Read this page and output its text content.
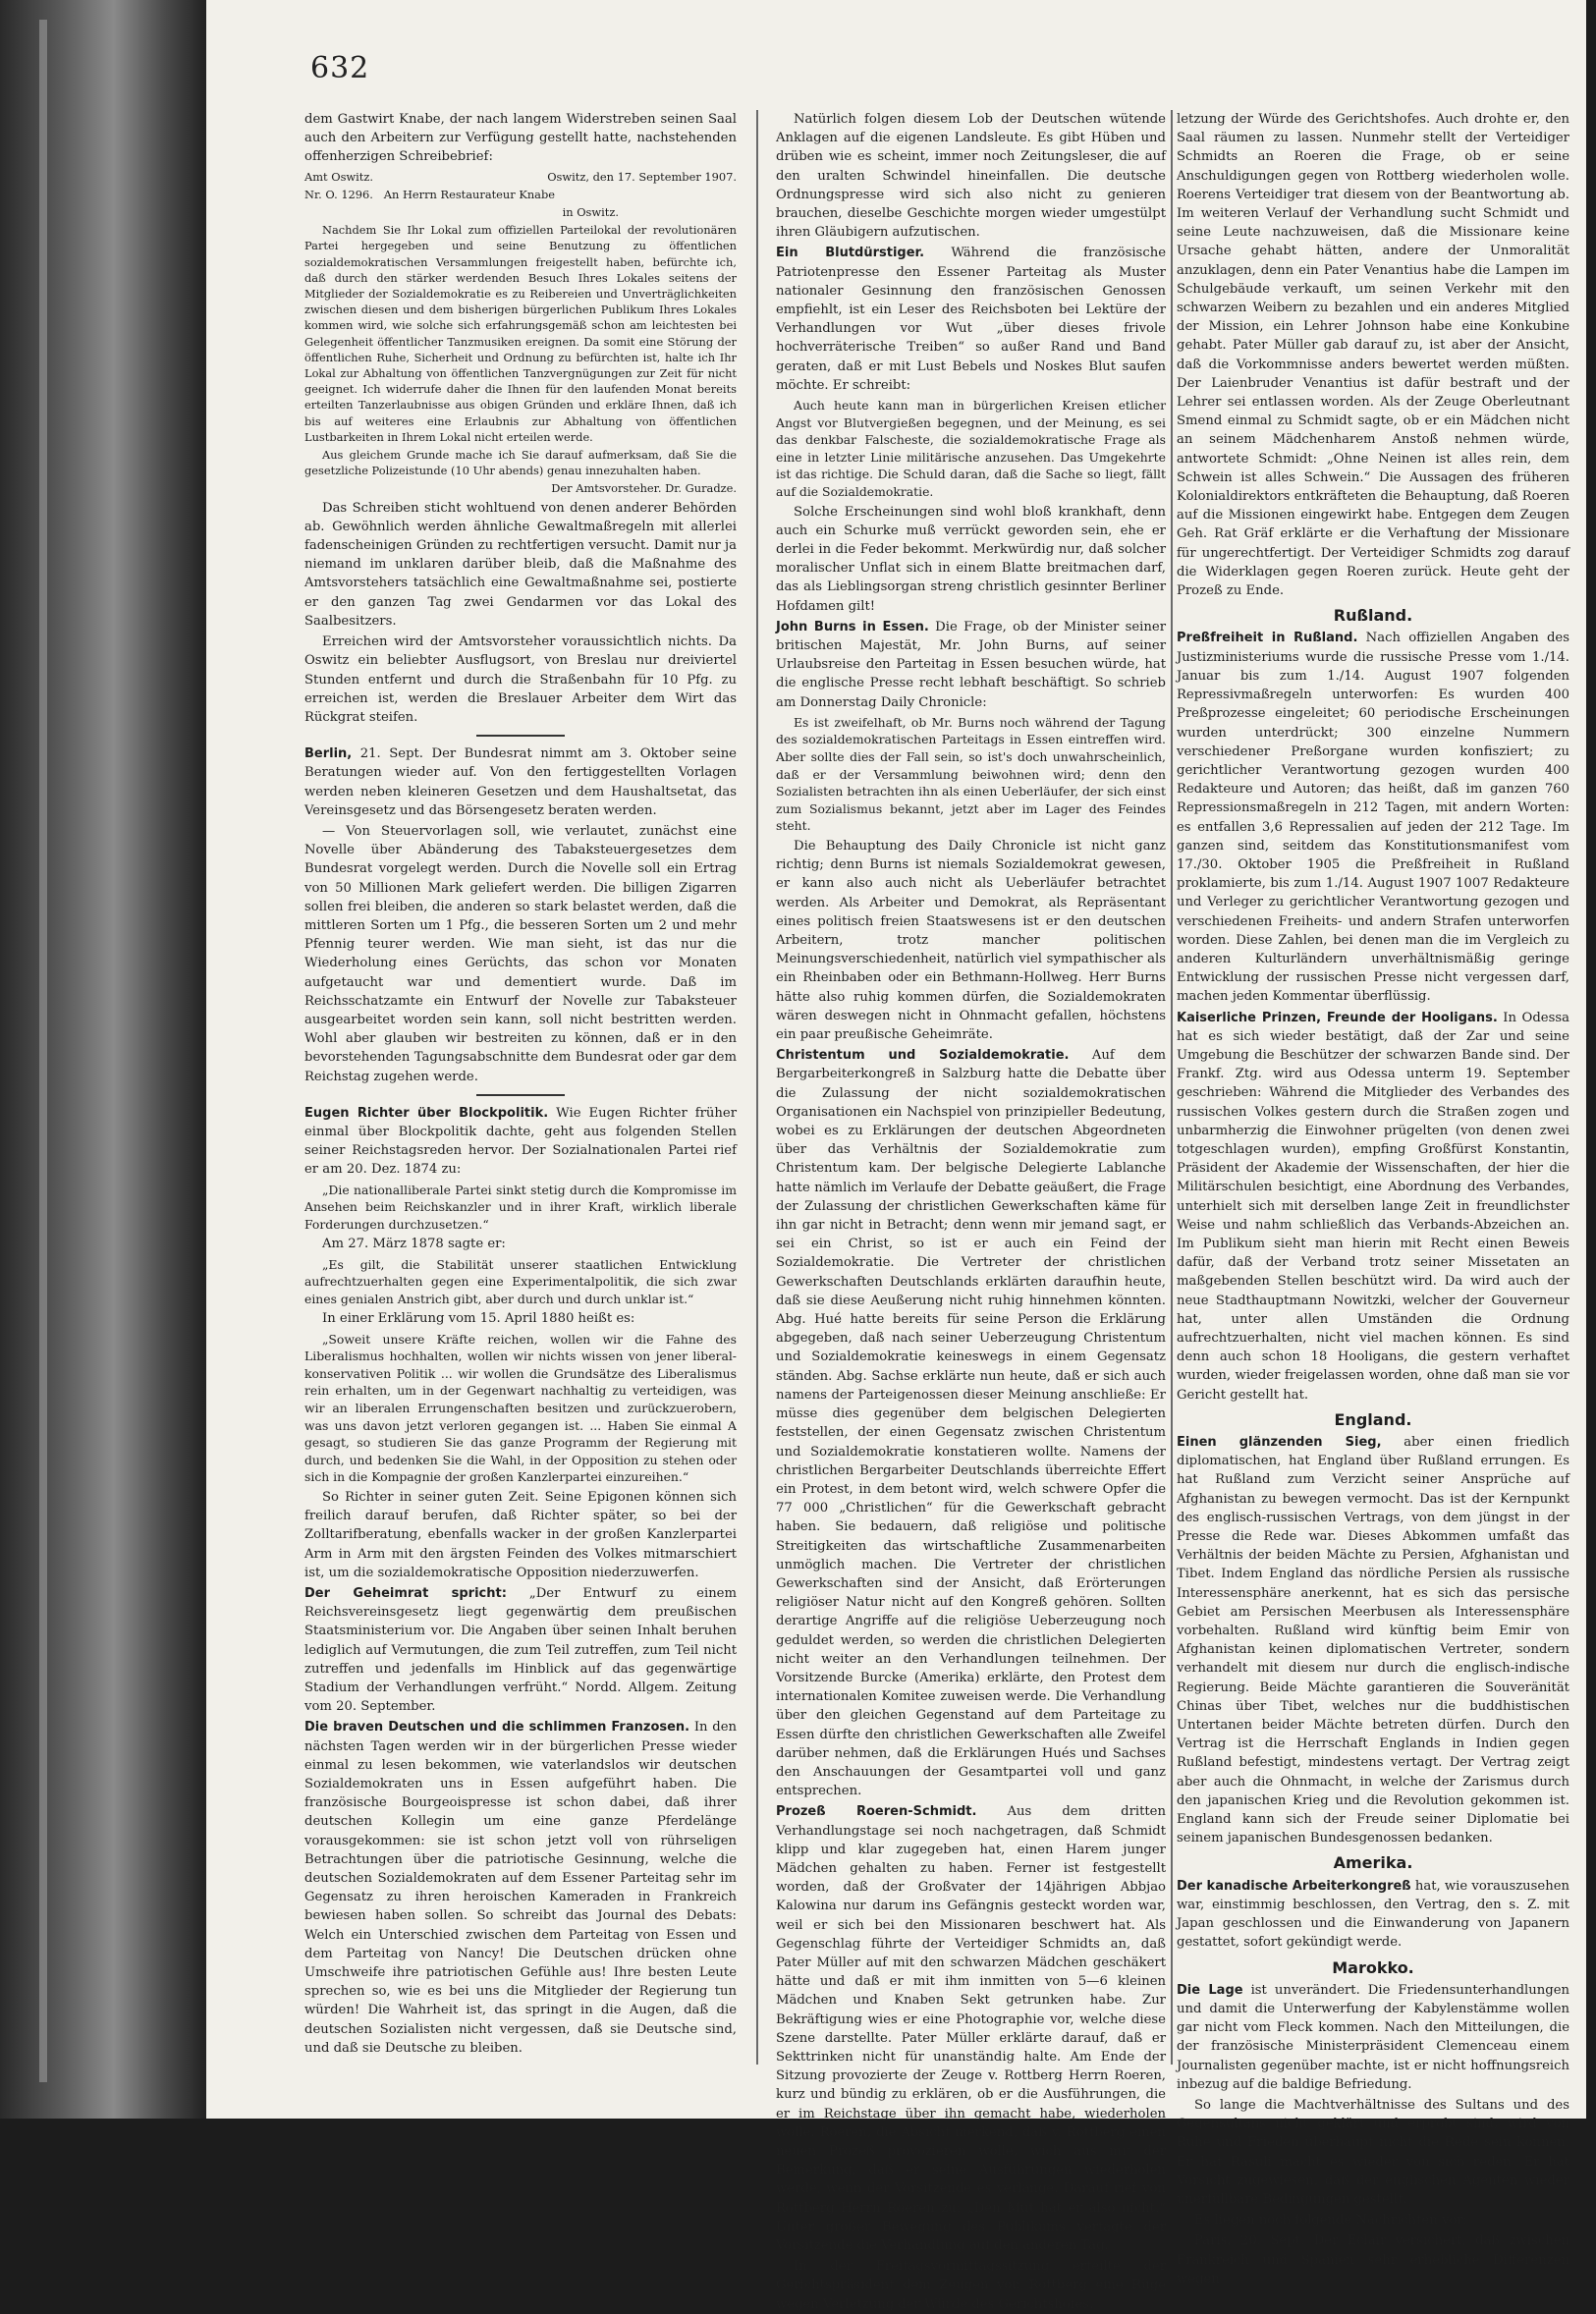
632

dem Gastwirt Knabe, der nach langem Widerstreben seinen Saal auch den Arbeitern zur Verfügung gestellt hatte, nachstehenden offenherzigen Schreibebrief:

Amt Oswitz.	Oswitz, den 17. September 1907.

Nr. O. 1296. An Herrn Restaurateur Knabe

in Oswitz.

Nachdem Sie Ihr Lokal zum offiziellen Parteilokal der revolutionären Partei hergegeben und seine Benutzung zu öffentlichen sozialdemokratischen Versammlungen freigestellt haben, befürchte ich, daß durch den stärker werdenden Besuch Ihres Lokales seitens der Mitglieder der Sozialdemokratie es zu Reibereien und Unverträglichkeiten zwischen diesen und dem bisherigen bürgerlichen Publikum Ihres Lokales kommen wird, wie solche sich erfahrungsgemäß schon am leichtesten bei Gelegenheit öffentlicher Tanzmusiken ereignen. Da somit eine Störung der öffentlichen Ruhe, Sicherheit und Ordnung zu befürchten ist, halte ich Ihr Lokal zur Abhaltung von öffentlichen Tanzvergnügungen zur Zeit für nicht geeignet. Ich widerrufe daher die Ihnen für den laufenden Monat bereits erteilten Tanzerlaubnisse aus obigen Gründen und erkläre Ihnen, daß ich bis auf weiteres eine Erlaubnis zur Abhaltung von öffentlichen Lustbarkeiten in Ihrem Lokal nicht erteilen werde.

Aus gleichem Grunde mache ich Sie darauf aufmerksam, daß Sie die gesetzliche Polizeistunde (10 Uhr abends) genau innezuhalten haben.

Der Amtsvorsteher. Dr. Guradze.

Das Schreiben sticht wohltuend von denen anderer Behörden ab. Gewöhnlich werden ähnliche Gewaltmaßregeln mit allerlei fadenscheinigen Gründen zu rechtfertigen versucht. Damit nur ja niemand im unklaren darüber bleib, daß die Maßnahme des Amtsvorstehers tatsächlich eine Gewaltmaßnahme sei, postierte er den ganzen Tag zwei Gendarmen vor das Lokal des Saalbesitzers.

Erreichen wird der Amtsvorsteher voraussichtlich nichts. Da Oswitz ein beliebter Ausflugsort, von Breslau nur dreiviertel Stunden entfernt und durch die Straßenbahn für 10 Pfg. zu erreichen ist, werden die Breslauer Arbeiter dem Wirt das Rückgrat steifen.

Berlin, 21. Sept. Der Bundesrat nimmt am 3. Oktober seine Beratungen wieder auf. Von den fertiggestellten Vorlagen werden neben kleineren Gesetzen und dem Haushaltsetat, das Vereinsgesetz und das Börsengesetz beraten werden.

— Von Steuervorlagen soll, wie verlautet, zunächst eine Novelle über Abänderung des Tabaksteuergesetzes dem Bundesrat vorgelegt werden. Durch die Novelle soll ein Ertrag von 50 Millionen Mark geliefert werden. Die billigen Zigarren sollen frei bleiben, die anderen so stark belastet werden, daß die mittleren Sorten um 1 Pfg., die besseren Sorten um 2 und mehr Pfennig teurer werden. Wie man sieht, ist das nur die Wiederholung eines Gerüchts, das schon vor Monaten aufgetaucht war und dementiert wurde. Daß im Reichsschatzamte ein Entwurf der Novelle zur Tabaksteuer ausgearbeitet worden sein kann, soll nicht bestritten werden. Wohl aber glauben wir bestreiten zu können, daß er in den bevorstehenden Tagungsabschnitte dem Bundesrat oder gar dem Reichstag zugehen werde.

Eugen Richter über Blockpolitik. Wie Eugen Richter früher einmal über Blockpolitik dachte, geht aus folgenden Stellen seiner Reichstagsreden hervor. Der Sozialnationalen Partei rief er am 20. Dez. 1874 zu:

„Die nationalliberale Partei sinkt stetig durch die Kompromisse im Ansehen beim Reichskanzler und in ihrer Kraft, wirklich liberale Forderungen durchzusetzen.“

Am 27. März 1878 sagte er:

„Es gilt, die Stabilität unserer staatlichen Entwicklung aufrechtzuerhalten gegen eine Experimentalpolitik, die sich zwar eines genialen Anstrich gibt, aber durch und durch unklar ist.“

In einer Erklärung vom 15. April 1880 heißt es:

„Soweit unsere Kräfte reichen, wollen wir die Fahne des Liberalismus hochhalten, wollen wir nichts wissen von jener liberal-konservativen Politik ... wir wollen die Grundsätze des Liberalismus rein erhalten, um in der Gegenwart nachhaltig zu verteidigen, was wir an liberalen Errungenschaften besitzen und zurückzuerobern, was uns davon jetzt verloren gegangen ist. ... Haben Sie einmal A gesagt, so studieren Sie das ganze Programm der Regierung mit durch, und bedenken Sie die Wahl, in der Opposition zu stehen oder sich in die Kompagnie der großen Kanzlerpartei einzureihen.“

So Richter in seiner guten Zeit. Seine Epigonen können sich freilich darauf berufen, daß Richter später, so bei der Zolltarifberatung, ebenfalls wacker in der großen Kanzlerpartei Arm in Arm mit den ärgsten Feinden des Volkes mitmarschiert ist, um die sozialdemokratische Opposition niederzuwerfen.

Der Geheimrat spricht: „Der Entwurf zu einem Reichsvereinsgesetz liegt gegenwärtig dem preußischen Staatsministerium vor. Die Angaben über seinen Inhalt beruhen lediglich auf Vermutungen, die zum Teil zutreffen, zum Teil nicht zutreffen und jedenfalls im Hinblick auf das gegenwärtige Stadium der Verhandlungen verfrüht.“ Nordd. Allgem. Zeitung vom 20. September.

Die braven Deutschen und die schlimmen Franzosen. In den nächsten Tagen werden wir in der bürgerlichen Presse wieder einmal zu lesen bekommen, wie vaterlandslos wir deutschen Sozialdemokraten uns in Essen aufgeführt haben. Die französische Bourgeoispresse ist schon dabei, daß ihrer deutschen Kollegin um eine ganze Pferdelänge vorausgekommen: sie ist schon jetzt voll von rührseligen Betrachtungen über die patriotische Gesinnung, welche die deutschen Sozialdemokraten auf dem Essener Parteitag sehr im Gegensatz zu ihren heroischen Kameraden in Frankreich bewiesen haben sollen. So schreibt das Journal des Debats: Welch ein Unterschied zwischen dem Parteitag von Essen und dem Parteitag von Nancy! Die Deutschen drücken ohne Umschweife ihre patriotischen Gefühle aus! Ihre besten Leute sprechen so, wie es bei uns die Mitglieder der Regierung tun würden! Die Wahrheit ist, das springt in die Augen, daß die deutschen Sozialisten nicht vergessen, daß sie Deutsche sind, und daß sie Deutsche zu bleiben.

Natürlich folgen diesem Lob der Deutschen wütende Anklagen auf die eigenen Landsleute. Es gibt Hüben und drüben wie es scheint, immer noch Zeitungsleser, die auf den uralten Schwindel hineinfallen. Die deutsche Ordnungspresse wird sich also nicht zu genieren brauchen, dieselbe Geschichte morgen wieder umgestülpt ihren Gläubigern aufzutischen.

Ein Blutdürstiger. Während die französische Patriotenpresse den Essener Parteitag als Muster nationaler Gesinnung den französischen Genossen empfiehlt, ist ein Leser des Reichsboten bei Lektüre der Verhandlungen vor Wut „über dieses frivole hochverräterische Treiben“ so außer Rand und Band geraten, daß er mit Lust Bebels und Noskes Blut saufen möchte. Er schreibt:

Auch heute kann man in bürgerlichen Kreisen etlicher Angst vor Blutvergießen begegnen, und der Meinung, es sei das denkbar Falscheste, die sozialdemokratische Frage als eine in letzter Linie militärische anzusehen. Das Umgekehrte ist das richtige. Die Schuld daran, daß die Sache so liegt, fällt auf die Sozialdemokratie.

Solche Erscheinungen sind wohl bloß krankhaft, denn auch ein Schurke muß verrückt geworden sein, ehe er derlei in die Feder bekommt. Merkwürdig nur, daß solcher moralischer Unflat sich in einem Blatte breitmachen darf, das als Lieblingsorgan streng christlich gesinnter Berliner Hofdamen gilt!

John Burns in Essen. Die Frage, ob der Minister seiner britischen Majestät, Mr. John Burns, auf seiner Urlaubsreise den Parteitag in Essen besuchen würde, hat die englische Presse recht lebhaft beschäftigt. So schrieb am Donnerstag Daily Chronicle:

Es ist zweifelhaft, ob Mr. Burns noch während der Tagung des sozialdemokratischen Parteitags in Essen eintreffen wird. Aber sollte dies der Fall sein, so ist's doch unwahrscheinlich, daß er der Versammlung beiwohnen wird; denn den Sozialisten betrachten ihn als einen Ueberläufer, der sich einst zum Sozialismus bekannt, jetzt aber im Lager des Feindes steht.

Die Behauptung des Daily Chronicle ist nicht ganz richtig; denn Burns ist niemals Sozialdemokrat gewesen, er kann also auch nicht als Ueberläufer betrachtet werden. Als Arbeiter und Demokrat, als Repräsentant eines politisch freien Staatswesens ist er den deutschen Arbeitern, trotz mancher politischen Meinungsverschiedenheit, natürlich viel sympathischer als ein Rheinbaben oder ein Bethmann-Hollweg. Herr Burns hätte also ruhig kommen dürfen, die Sozialdemokraten wären deswegen nicht in Ohnmacht gefallen, höchstens ein paar preußische Geheimräte.

Christentum und Sozialdemokratie. Auf dem Bergarbeiterkongreß in Salzburg hatte die Debatte über die Zulassung der nicht sozialdemokratischen Organisationen ein Nachspiel von prinzipieller Bedeutung, wobei es zu Erklärungen der deutschen Abgeordneten über das Verhältnis der Sozialdemokratie zum Christentum kam. Der belgische Delegierte Lablanche hatte nämlich im Verlaufe der Debatte geäußert, die Frage der Zulassung der christlichen Gewerkschaften käme für ihn gar nicht in Betracht; denn wenn mir jemand sagt, er sei ein Christ, so ist er auch ein Feind der Sozialdemokratie. Die Vertreter der christlichen Gewerkschaften Deutschlands erklärten daraufhin heute, daß sie diese Aeußerung nicht ruhig hinnehmen könnten. Abg. Hué hatte bereits für seine Person die Erklärung abgegeben, daß nach seiner Ueberzeugung Christentum und Sozialdemokratie keineswegs in einem Gegensatz ständen. Abg. Sachse erklärte nun heute, daß er sich auch namens der Parteigenossen dieser Meinung anschließe: Er müsse dies gegenüber dem belgischen Delegierten feststellen, der einen Gegensatz zwischen Christentum und Sozialdemokratie konstatieren wollte. Namens der christlichen Bergarbeiter Deutschlands überreichte Effert ein Protest, in dem betont wird, welch schwere Opfer die 77 000 „Christlichen“ für die Gewerkschaft gebracht haben. Sie bedauern, daß religiöse und politische Streitigkeiten das wirtschaftliche Zusammenarbeiten unmöglich machen. Die Vertreter der christlichen Gewerkschaften sind der Ansicht, daß Erörterungen religiöser Natur nicht auf den Kongreß gehören. Sollten derartige Angriffe auf die religiöse Ueberzeugung noch geduldet werden, so werden die christlichen Delegierten nicht weiter an den Verhandlungen teilnehmen. Der Vorsitzende Burcke (Amerika) erklärte, den Protest dem internationalen Komitee zuweisen werde. Die Verhandlung über den gleichen Gegenstand auf dem Parteitage zu Essen dürfte den christlichen Gewerkschaften alle Zweifel darüber nehmen, daß die Erklärungen Hués und Sachses den Anschauungen der Gesamtpartei voll und ganz entsprechen.

Prozeß Roeren-Schmidt. Aus dem dritten Verhandlungstage sei noch nachgetragen, daß Schmidt klipp und klar zugegeben hat, einen Harem junger Mädchen gehalten zu haben. Ferner ist festgestellt worden, daß der Großvater der 14jährigen Abbjao Kalowina nur darum ins Gefängnis gesteckt worden war, weil er sich bei den Missionaren beschwert hat. Als Gegenschlag führte der Verteidiger Schmidts an, daß Pater Müller auf mit den schwarzen Mädchen geschäkert hätte und daß er mit ihm inmitten von 5—6 kleinen Mädchen und Knaben Sekt getrunken habe. Zur Bekräftigung wies er eine Photographie vor, welche diese Szene darstellte. Pater Müller erklärte darauf, daß er Sekttrinken nicht für unanständig halte. Am Ende der Sitzung provozierte der Zeuge v. Rottberg Herrn Roeren, kurz und bündig zu erklären, ob er die Ausführungen, die er im Reichstage über ihn gemacht habe, wiederholen wolle. Roeren, die Absicht merkend, daß v. Rottberg einen neuen Prozeß provozieren wolle, wich aus mit der Bemerkung, daß er seine Ausführungen wiederholen werde, wenn der Vorsitzende es verlange. Darauf rief von Rottberg Herrn Roeren zu: „Den Mut hat er also nicht.“ Unter großer Bewegung des Publikums vertagte der Vorsitzende die Verhandlung auf den anderen Tag.

In der Freitagsvormittagssitzung erteilte der Gerichtspräsident dem Zeugen von Rottberg eine Rüge wegen Verletzung der Würde des Gerichtshofes.

letzung der Würde des Gerichtshofes. Auch drohte er, den Saal räumen zu lassen. Nunmehr stellt der Verteidiger Schmidts an Roeren die Frage, ob er seine Anschuldigungen gegen von Rottberg wiederholen wolle. Roerens Verteidiger trat diesem von der Beantwortung ab. Im weiteren Verlauf der Verhandlung sucht Schmidt und seine Leute nachzuweisen, daß die Missionare keine Ursache gehabt hätten, andere der Unmoralität anzuklagen, denn ein Pater Venantius habe die Lampen im Schulgebäude verkauft, um seinen Verkehr mit den schwarzen Weibern zu bezahlen und ein anderes Mitglied der Mission, ein Lehrer Johnson habe eine Konkubine gehabt. Pater Müller gab darauf zu, ist aber der Ansicht, daß die Vorkommnisse anders bewertet werden müßten. Der Laienbruder Venantius ist dafür bestraft und der Lehrer sei entlassen worden. Als der Zeuge Oberleutnant Smend einmal zu Schmidt sagte, ob er ein Mädchen nicht an seinem Mädchenharem Anstoß nehmen würde, antwortete Schmidt: „Ohne Neinen ist alles rein, dem Schwein ist alles Schwein.“ Die Aussagen des früheren Kolonialdirektors entkräfteten die Behauptung, daß Roeren auf die Missionen eingewirkt habe. Entgegen dem Zeugen Geh. Rat Gräf erklärte er die Verhaftung der Missionare für ungerechtfertigt. Der Verteidiger Schmidts zog darauf die Widerklagen gegen Roeren zurück. Heute geht der Prozeß zu Ende.

Rußland.

Preßfreiheit in Rußland. Nach offiziellen Angaben des Justizministeriums wurde die russische Presse vom 1./14. Januar bis zum 1./14. August 1907 folgenden Repressivmaßregeln unterworfen: Es wurden 400 Preßprozesse eingeleitet; 60 periodische Erscheinungen wurden unterdrückt; 300 einzelne Nummern verschiedener Preßorgane wurden konfisziert; zu gerichtlicher Verantwortung gezogen wurden 400 Redakteure und Autoren; das heißt, daß im ganzen 760 Repressionsmaßregeln in 212 Tagen, mit andern Worten: es entfallen 3,6 Repressalien auf jeden der 212 Tage. Im ganzen sind, seitdem das Konstitutionsmanifest vom 17./30. Oktober 1905 die Preßfreiheit in Rußland proklamierte, bis zum 1./14. August 1907 1007 Redakteure und Verleger zu gerichtlicher Verantwortung gezogen und verschiedenen Freiheits- und andern Strafen unterworfen worden. Diese Zahlen, bei denen man die im Vergleich zu anderen Kulturländern unverhältnismäßig geringe Entwicklung der russischen Presse nicht vergessen darf, machen jeden Kommentar überflüssig.

Kaiserliche Prinzen, Freunde der Hooligans. In Odessa hat es sich wieder bestätigt, daß der Zar und seine Umgebung die Beschützer der schwarzen Bande sind. Der Frankf. Ztg. wird aus Odessa unterm 19. September geschrieben: Während die Mitglieder des Verbandes des russischen Volkes gestern durch die Straßen zogen und unbarmherzig die Einwohner prügelten (von denen zwei totgeschlagen wurden), empfing Großfürst Konstantin, Präsident der Akademie der Wissenschaften, der hier die Militärschulen besichtigt, eine Abordnung des Verbandes, unterhielt sich mit derselben lange Zeit in freundlichster Weise und nahm schließlich das Verbands-Abzeichen an. Im Publikum sieht man hierin mit Recht einen Beweis dafür, daß der Verband trotz seiner Missetaten an maßgebenden Stellen beschützt wird. Da wird auch der neue Stadthauptmann Nowitzki, welcher der Gouverneur hat, unter allen Umständen die Ordnung aufrechtzuerhalten, nicht viel machen können. Es sind denn auch schon 18 Hooligans, die gestern verhaftet wurden, wieder freigelassen worden, ohne daß man sie vor Gericht gestellt hat.

England.

Einen glänzenden Sieg, aber einen friedlich diplomatischen, hat England über Rußland errungen. Es hat Rußland zum Verzicht seiner Ansprüche auf Afghanistan zu bewegen vermocht. Das ist der Kernpunkt des englisch-russischen Vertrags, von dem jüngst in der Presse die Rede war. Dieses Abkommen umfaßt das Verhältnis der beiden Mächte zu Persien, Afghanistan und Tibet. Indem England das nördliche Persien als russische Interessensphäre anerkennt, hat es sich das persische Gebiet am Persischen Meerbusen als Interessensphäre vorbehalten. Rußland wird künftig beim Emir von Afghanistan keinen diplomatischen Vertreter, sondern verhandelt mit diesem nur durch die englisch-indische Regierung. Beide Mächte garantieren die Souveränität Chinas über Tibet, welches nur die buddhistischen Untertanen beider Mächte betreten dürfen. Durch den Vertrag ist die Herrschaft Englands in Indien gegen Rußland befestigt, mindestens vertagt. Der Vertrag zeigt aber auch die Ohnmacht, in welche der Zarismus durch den japanischen Krieg und die Revolution gekommen ist. England kann sich der Freude seiner Diplomatie bei seinem japanischen Bundesgenossen bedanken.

Amerika.

Der kanadische Arbeiterkongreß hat, wie vorauszusehen war, einstimmig beschlossen, den Vertrag, den s. Z. mit Japan geschlossen und die Einwanderung von Japanern gestattet, sofort gekündigt werde.

Marokko.

Die Lage ist unverändert. Die Friedensunterhandlungen und damit die Unterwerfung der Kabylenstämme wollen gar nicht vom Fleck kommen. Nach den Mitteilungen, die der französische Ministerpräsident Clemenceau einem Journalisten gegenüber machte, ist er nicht hoffnungsreich inbezug auf die baldige Befriedung.

So lange die Machtverhältnisse des Sultans und des Gegensultans nicht geklärt und erprobt sind, wird von Ruhe und Frieden überhaupt nicht die Rede sein können. Er hat Rasuli macht es wieder von sich reden. Er hat Vorsicht zugewiesen, daß der englischen Agenten wieder unerfüllbare Bedingungen gestellt.

Es liegen noch folgende Nachrichten vor:

Paris, 20. Sept. Der Eclair versichert, daß zwischen Frankreich und Spanien sehr erhebliche Differenzen wegen
